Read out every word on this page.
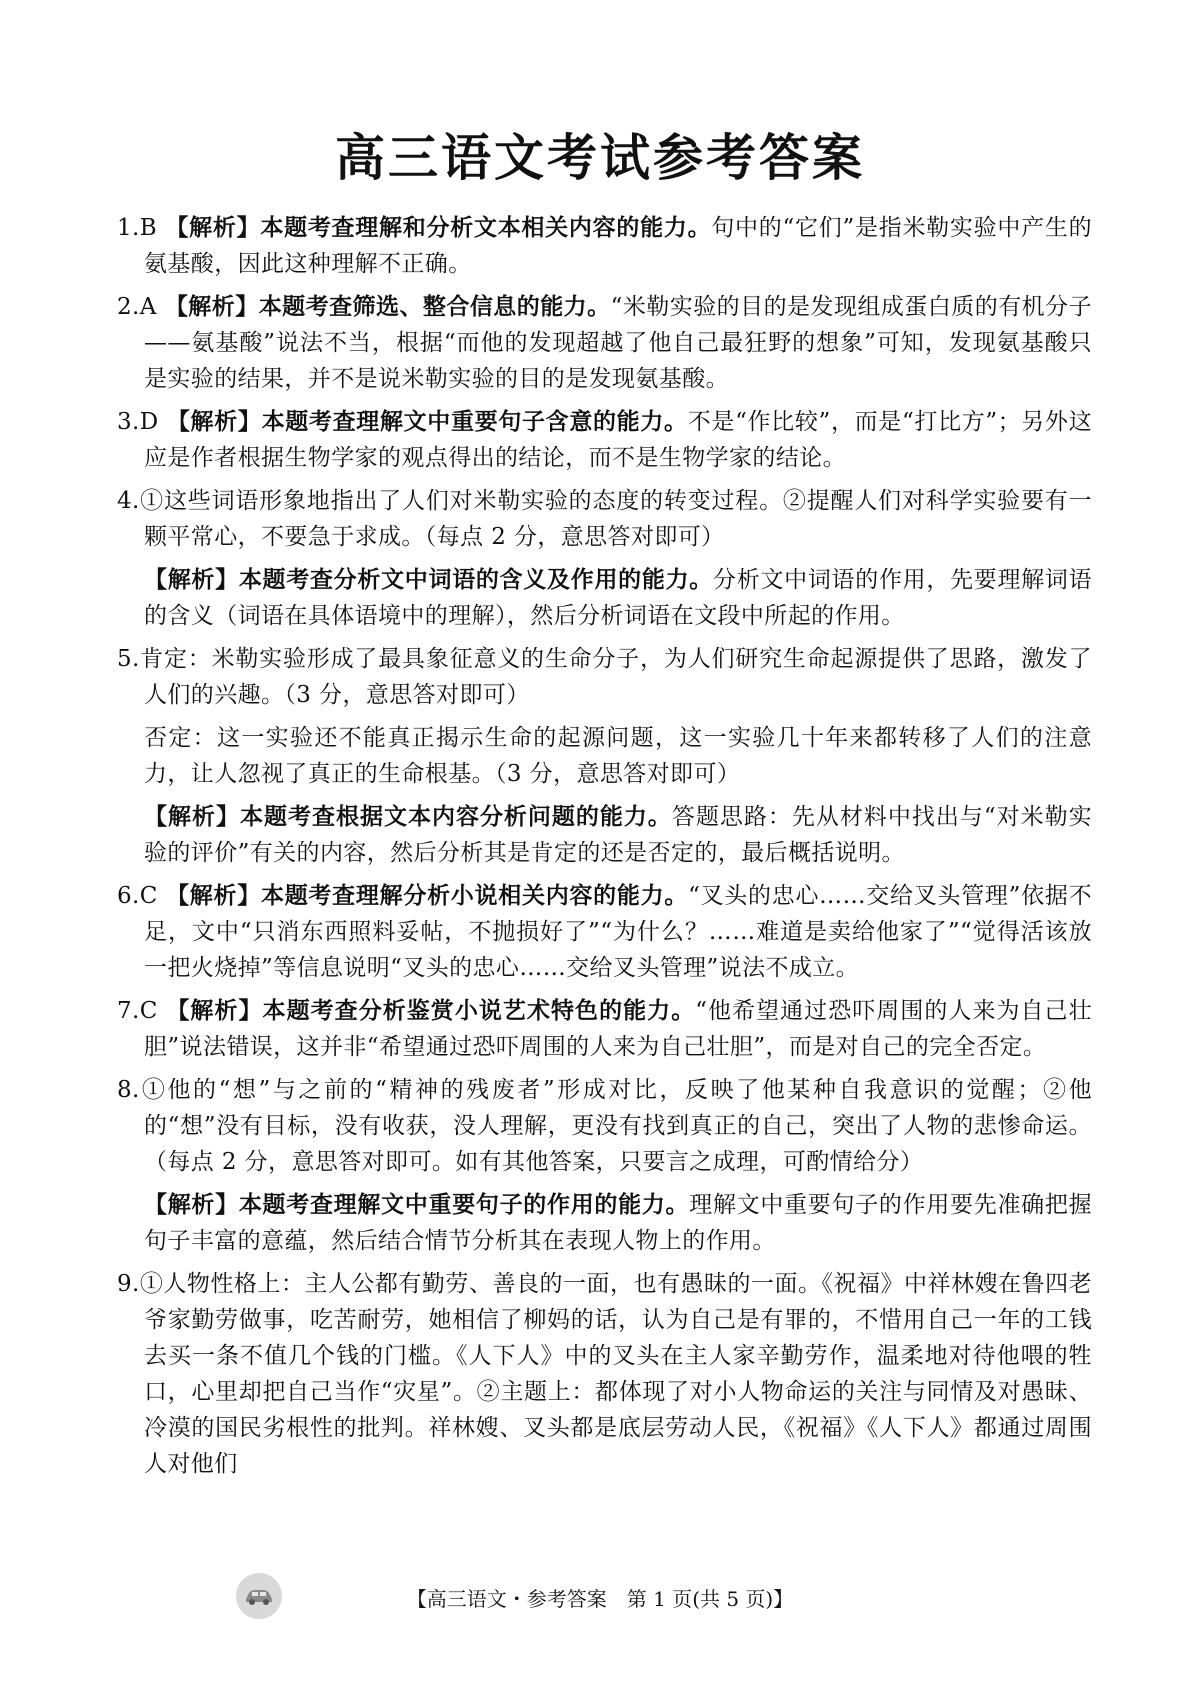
高三语文考试参考答案
1.B 【解析】本题考查理解和分析文本相关内容的能力。句中的“它们”是指米勒实验中产生的氨基酸，因此这种理解不正确。
2.A 【解析】本题考查筛选、整合信息的能力。“米勒实验的目的是发现组成蛋白质的有机分子——氨基酸”说法不当，根据“而他的发现超越了他自己最狂野的想象”可知，发现氨基酸只是实验的结果，并不是说米勒实验的目的是发现氨基酸。
3.D 【解析】本题考查理解文中重要句子含意的能力。不是“作比较”，而是“打比方”；另外这应是作者根据生物学家的观点得出的结论，而不是生物学家的结论。
4.①这些词语形象地指出了人们对米勒实验的态度的转变过程。②提醒人们对科学实验要有一颗平常心，不要急于求成。（每点 2 分，意思答对即可）
【解析】本题考查分析文中词语的含义及作用的能力。分析文中词语的作用，先要理解词语的含义（词语在具体语境中的理解），然后分析词语在文段中所起的作用。
5.肯定：米勒实验形成了最具象征意义的生命分子，为人们研究生命起源提供了思路，激发了人们的兴趣。（3 分，意思答对即可）
否定：这一实验还不能真正揭示生命的起源问题，这一实验几十年来都转移了人们的注意力，让人忽视了真正的生命根基。（3 分，意思答对即可）
【解析】本题考查根据文本内容分析问题的能力。答题思路：先从材料中找出与“对米勒实验的评价”有关的内容，然后分析其是肯定的还是否定的，最后概括说明。
6.C 【解析】本题考查理解分析小说相关内容的能力。“叉头的忠心……交给叉头管理”依据不足，文中“只消东西照料妥帖，不抛损好了”“为什么？……难道是卖给他家了”“觉得活该放一把火烧掉”等信息说明“叉头的忠心……交给叉头管理”说法不成立。
7.C 【解析】本题考查分析鉴赏小说艺术特色的能力。“他希望通过恐吓周围的人来为自己壮胆”说法错误，这并非“希望通过恐吓周围的人来为自己壮胆”，而是对自己的完全否定。
8.①他的“想”与之前的“精神的残废者”形成对比，反映了他某种自我意识的觉醒；②他的“想”没有目标，没有收获，没人理解，更没有找到真正的自己，突出了人物的悲惨命运。（每点 2 分，意思答对即可。如有其他答案，只要言之成理，可酌情给分）
【解析】本题考查理解文中重要句子的作用的能力。理解文中重要句子的作用要先准确把握句子丰富的意蕴，然后结合情节分析其在表现人物上的作用。
9.①人物性格上：主人公都有勤劳、善良的一面，也有愚昧的一面。《祝福》中祥林嫂在鲁四老爷家勤劳做事，吃苦耐劳，她相信了柳妈的话，认为自己是有罪的，不惜用自己一年的工钱去买一条不值几个钱的门槛。《人下人》中的叉头在主人家辛勤劳作，温柔地对待他喂的牲口，心里却把自己当作“灾星”。②主题上：都体现了对小人物命运的关注与同情及对愚昧、冷漠的国民劣根性的批判。祥林嫂、叉头都是底层劳动人民，《祝福》《人下人》都通过周围人对他们
【高三语文・参考答案　第 1 页(共 5 页)】
